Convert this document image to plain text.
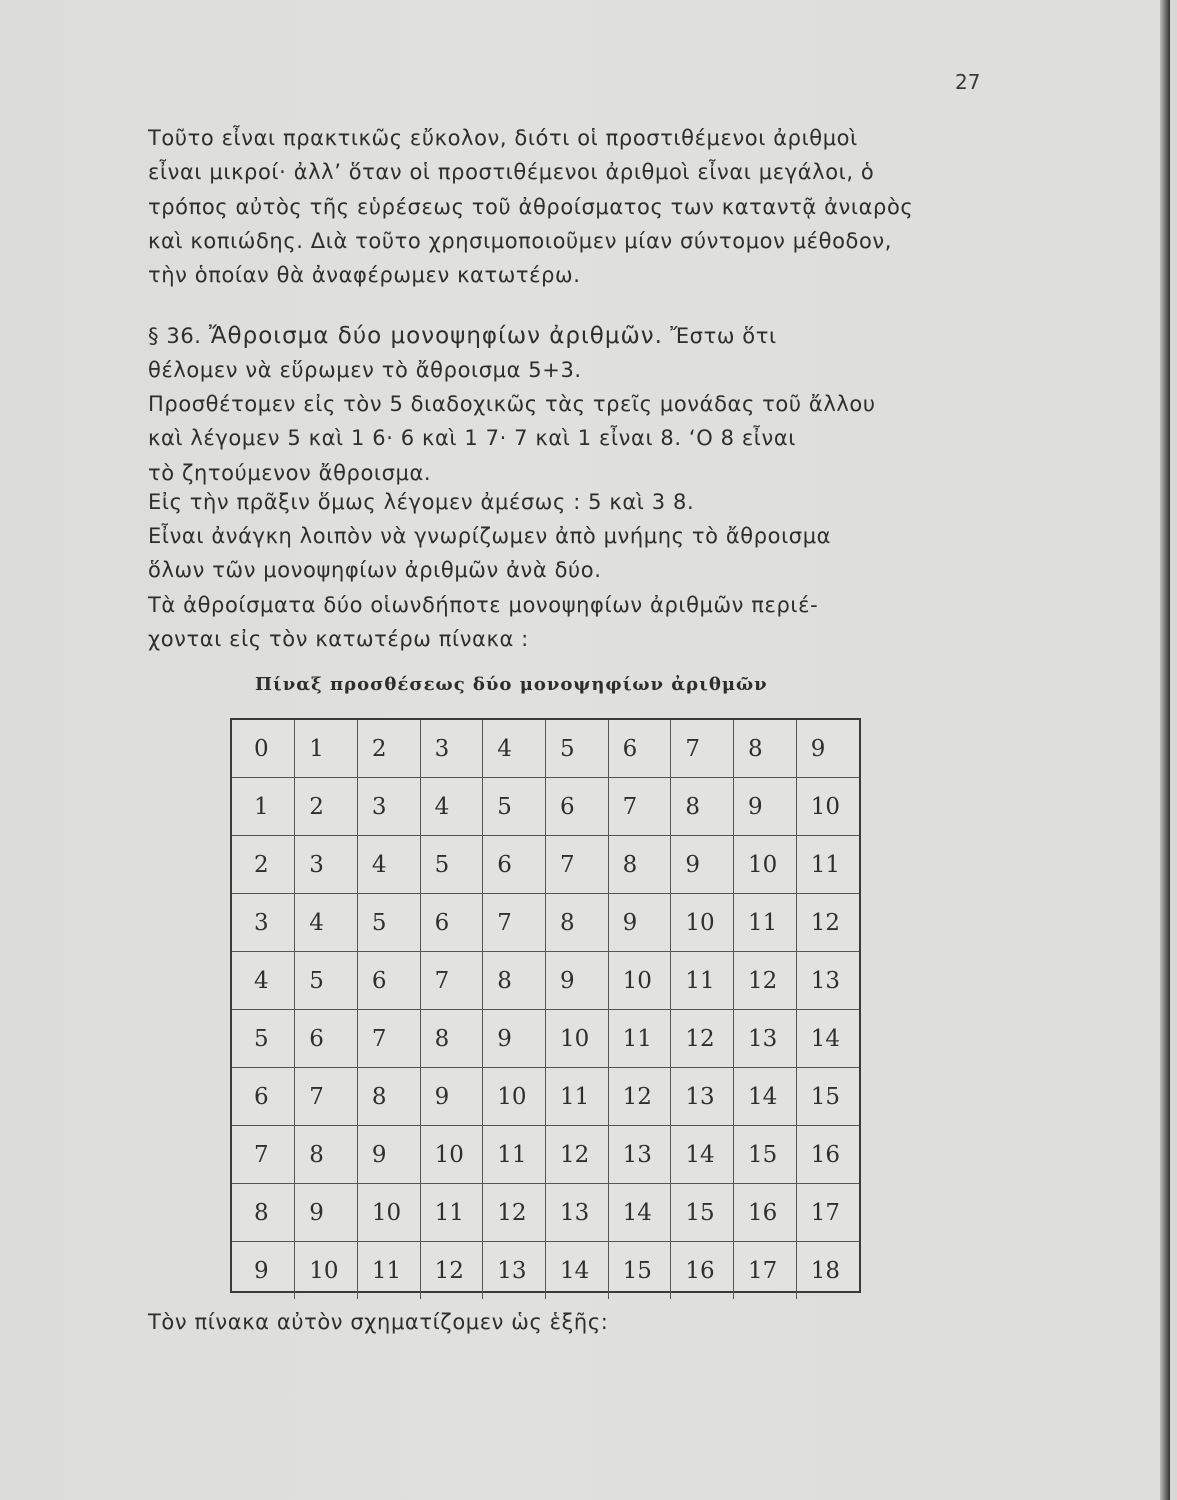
27
Τοῦτο εἶναι πρακτικῶς εὔκολον, διότι οἱ προστιθέμενοι ἀριθμοὶ
εἶναι μικροί· ἀλλ’ ὅταν οἱ προστιθέμενοι ἀριθμοὶ εἶναι μεγάλοι, ὁ
τρόπος αὐτὸς τῆς εὑρέσεως τοῦ ἀθροίσματος των καταντᾷ ἀνιαρὸς
καὶ κοπιώδης. Διὰ τοῦτο χρησιμοποιοῦμεν μίαν σύντομον μέθοδον,
τὴν ὁποίαν θὰ ἀναφέρωμεν κατωτέρω.
§ 36. Ἄθροισμα δύο μονοψηφίων ἀριθμῶν. Ἔστω ὅτι
θέλομεν νὰ εὕρωμεν τὸ ἄθροισμα 5+3.
Προσθέτομεν εἰς τὸν 5 διαδοχικῶς τὰς τρεῖς μονάδας τοῦ ἄλλου
καὶ λέγομεν 5 καὶ 1 6· 6 καὶ 1 7· 7 καὶ 1 εἶναι 8. ‘Ο 8 εἶναι
τὸ ζητούμενον ἄθροισμα.
Εἰς τὴν πρᾶξιν ὅμως λέγομεν ἀμέσως : 5 καὶ 3 8.
Εἶναι ἀνάγκη λοιπὸν νὰ γνωρίζωμεν ἀπὸ μνήμης τὸ ἄθροισμα
ὅλων τῶν μονοψηφίων ἀριθμῶν ἀνὰ δύο.
Τὰ ἀθροίσματα δύο οἱωνδήποτε μονοψηφίων ἀριθμῶν περιέ-
χονται εἰς τὸν κατωτέρω πίνακα :
Πίναξ προσθέσεως δύο μονοψηφίων ἀριθμῶν
0	1	2	3	4	5	6	7	8	9
1	2	3	4	5	6	7	8	9	10
2	3	4	5	6	7	8	9	10	11
3	4	5	6	7	8	9	10	11	12
4	5	6	7	8	9	10	11	12	13
5	6	7	8	9	10	11	12	13	14
6	7	8	9	10	11	12	13	14	15
7	8	9	10	11	12	13	14	15	16
8	9	10	11	12	13	14	15	16	17
9	10	11	12	13	14	15	16	17	18
Τὸν πίνακα αὐτὸν σχηματίζομεν ὡς ἑξῆς:
